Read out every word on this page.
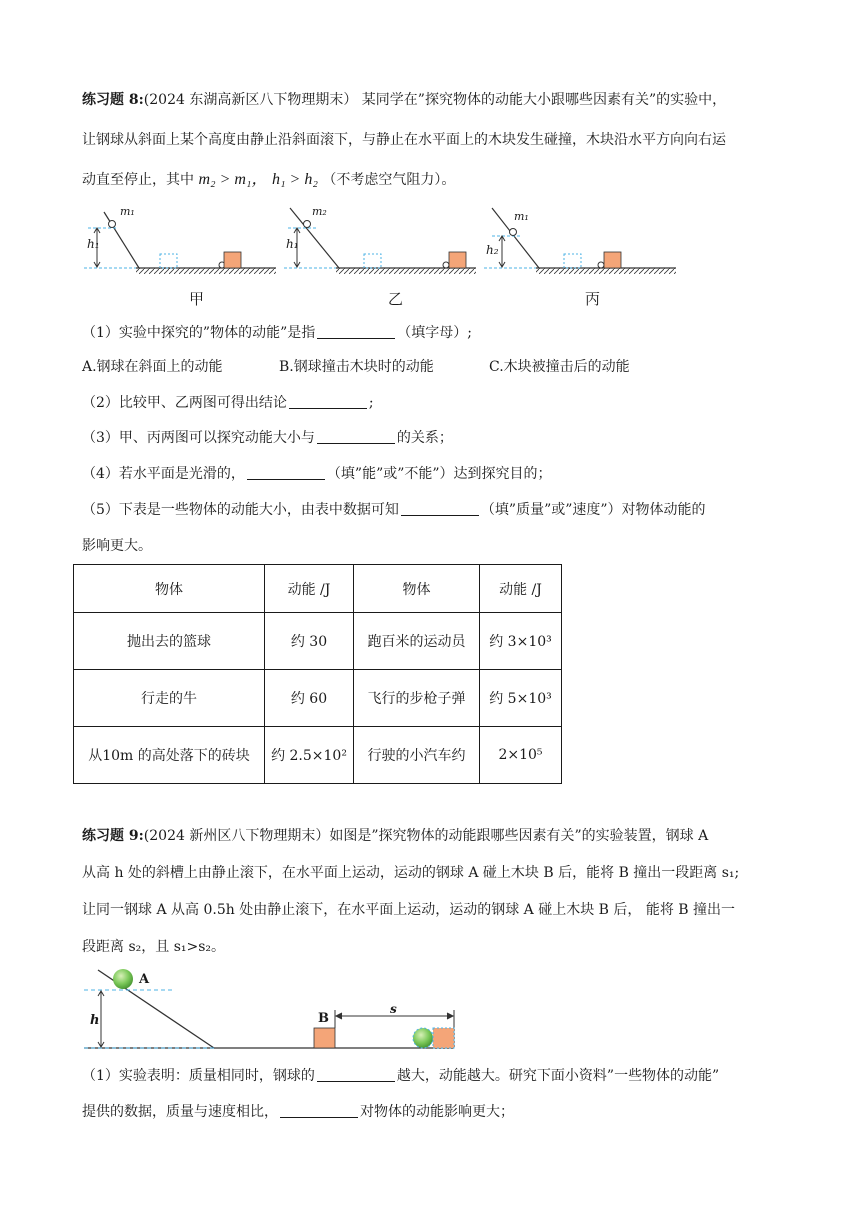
练习题 8:(2024 东湖高新区八下物理期末） 某同学在”探究物体的动能大小跟哪些因素有关”的实验中，
让钢球从斜面上某个高度由静止沿斜面滚下，与静止在水平面上的木块发生碰撞，木块沿水平方向向右运
动直至停止，其中 m₂ > m₁， h₁ > h₂ （不考虑空气阻力）。
m₁
h₁
m₂
h₁
m₁
h₂
甲	乙	丙
（1）实验中探究的”物体的动能”是指	（填字母）;
A.钢球在斜面上的动能	B.钢球撞击木块时的动能	C.木块被撞击后的动能
（2）比较甲、乙两图可得出结论	;
（3）甲、丙两图可以探究动能大小与	的关系；
（4）若水平面是光滑的，	（填”能”或”不能”）达到探究目的；
（5）下表是一些物体的动能大小，由表中数据可知	（填”质量”或”速度”）对物体动能的
影响更大。
物体	动能 /J	物体	动能 /J
抛出去的篮球	约 30	跑百米的运动员	约 3×10³
行走的牛	约 60	飞行的步枪子弹	约 5×10³
从10m 的高处落下的砖块	约 2.5×10²	行驶的小汽车约	2×10⁵
练习题 9:(2024 新州区八下物理期末）如图是”探究物体的动能跟哪些因素有关”的实验装置，钢球 A
从高 h 处的斜槽上由静止滚下，在水平面上运动，运动的钢球 A 碰上木块 B 后，能将 B 撞出一段距离 s₁;
让同一钢球 A 从高 0.5h 处由静止滚下，在水平面上运动，运动的钢球 A 碰上木块 B 后， 能将 B 撞出一
段距离 s₂，且 s₁>s₂。
A
B
h
s
（1）实验表明：质量相同时，钢球的	越大，动能越大。研究下面小资料”一些物体的动能”
提供的数据，质量与速度相比，	对物体的动能影响更大；
